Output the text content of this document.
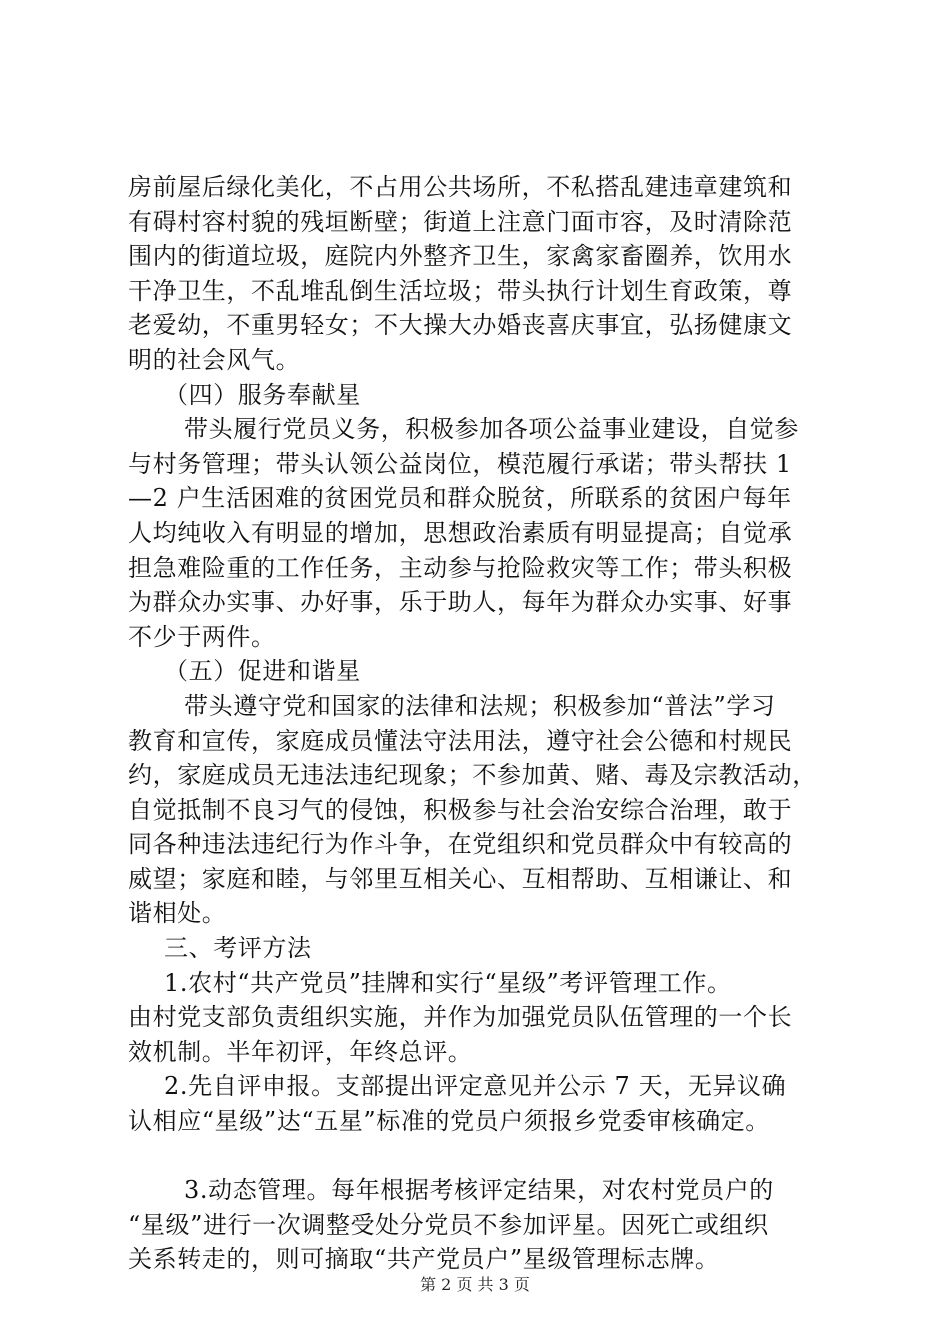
房前屋后绿化美化，不占用公共场所，不私搭乱建违章建筑和
有碍村容村貌的残垣断壁；街道上注意门面市容，及时清除范
围内的街道垃圾，庭院内外整齐卫生，家禽家畜圈养，饮用水
干净卫生，不乱堆乱倒生活垃圾；带头执行计划生育政策，尊
老爱幼，不重男轻女；不大操大办婚丧喜庆事宜，弘扬健康文
明的社会风气。
（四）服务奉献星
带头履行党员义务，积极参加各项公益事业建设，自觉参
与村务管理；带头认领公益岗位，模范履行承诺；带头帮扶 1
—2 户生活困难的贫困党员和群众脱贫，所联系的贫困户每年
人均纯收入有明显的增加，思想政治素质有明显提高；自觉承
担急难险重的工作任务，主动参与抢险救灾等工作；带头积极
为群众办实事、办好事，乐于助人，每年为群众办实事、好事
不少于两件。
（五）促进和谐星
带头遵守党和国家的法律和法规；积极参加“普法”学习
教育和宣传，家庭成员懂法守法用法，遵守社会公德和村规民
约，家庭成员无违法违纪现象；不参加黄、赌、毒及宗教活动，
自觉抵制不良习气的侵蚀，积极参与社会治安综合治理，敢于
同各种违法违纪行为作斗争，在党组织和党员群众中有较高的
威望；家庭和睦，与邻里互相关心、互相帮助、互相谦让、和
谐相处。
三、考评方法
1.农村“共产党员”挂牌和实行“星级”考评管理工作。
由村党支部负责组织实施，并作为加强党员队伍管理的一个长
效机制。半年初评，年终总评。
2.先自评申报。支部提出评定意见并公示 7 天，无异议确
认相应“星级”达“五星”标准的党员户须报乡党委审核确定。
3.动态管理。每年根据考核评定结果，对农村党员户的
“星级”进行一次调整受处分党员不参加评星。因死亡或组织
关系转走的，则可摘取“共产党员户”星级管理标志牌。
第 2 页 共 3 页
